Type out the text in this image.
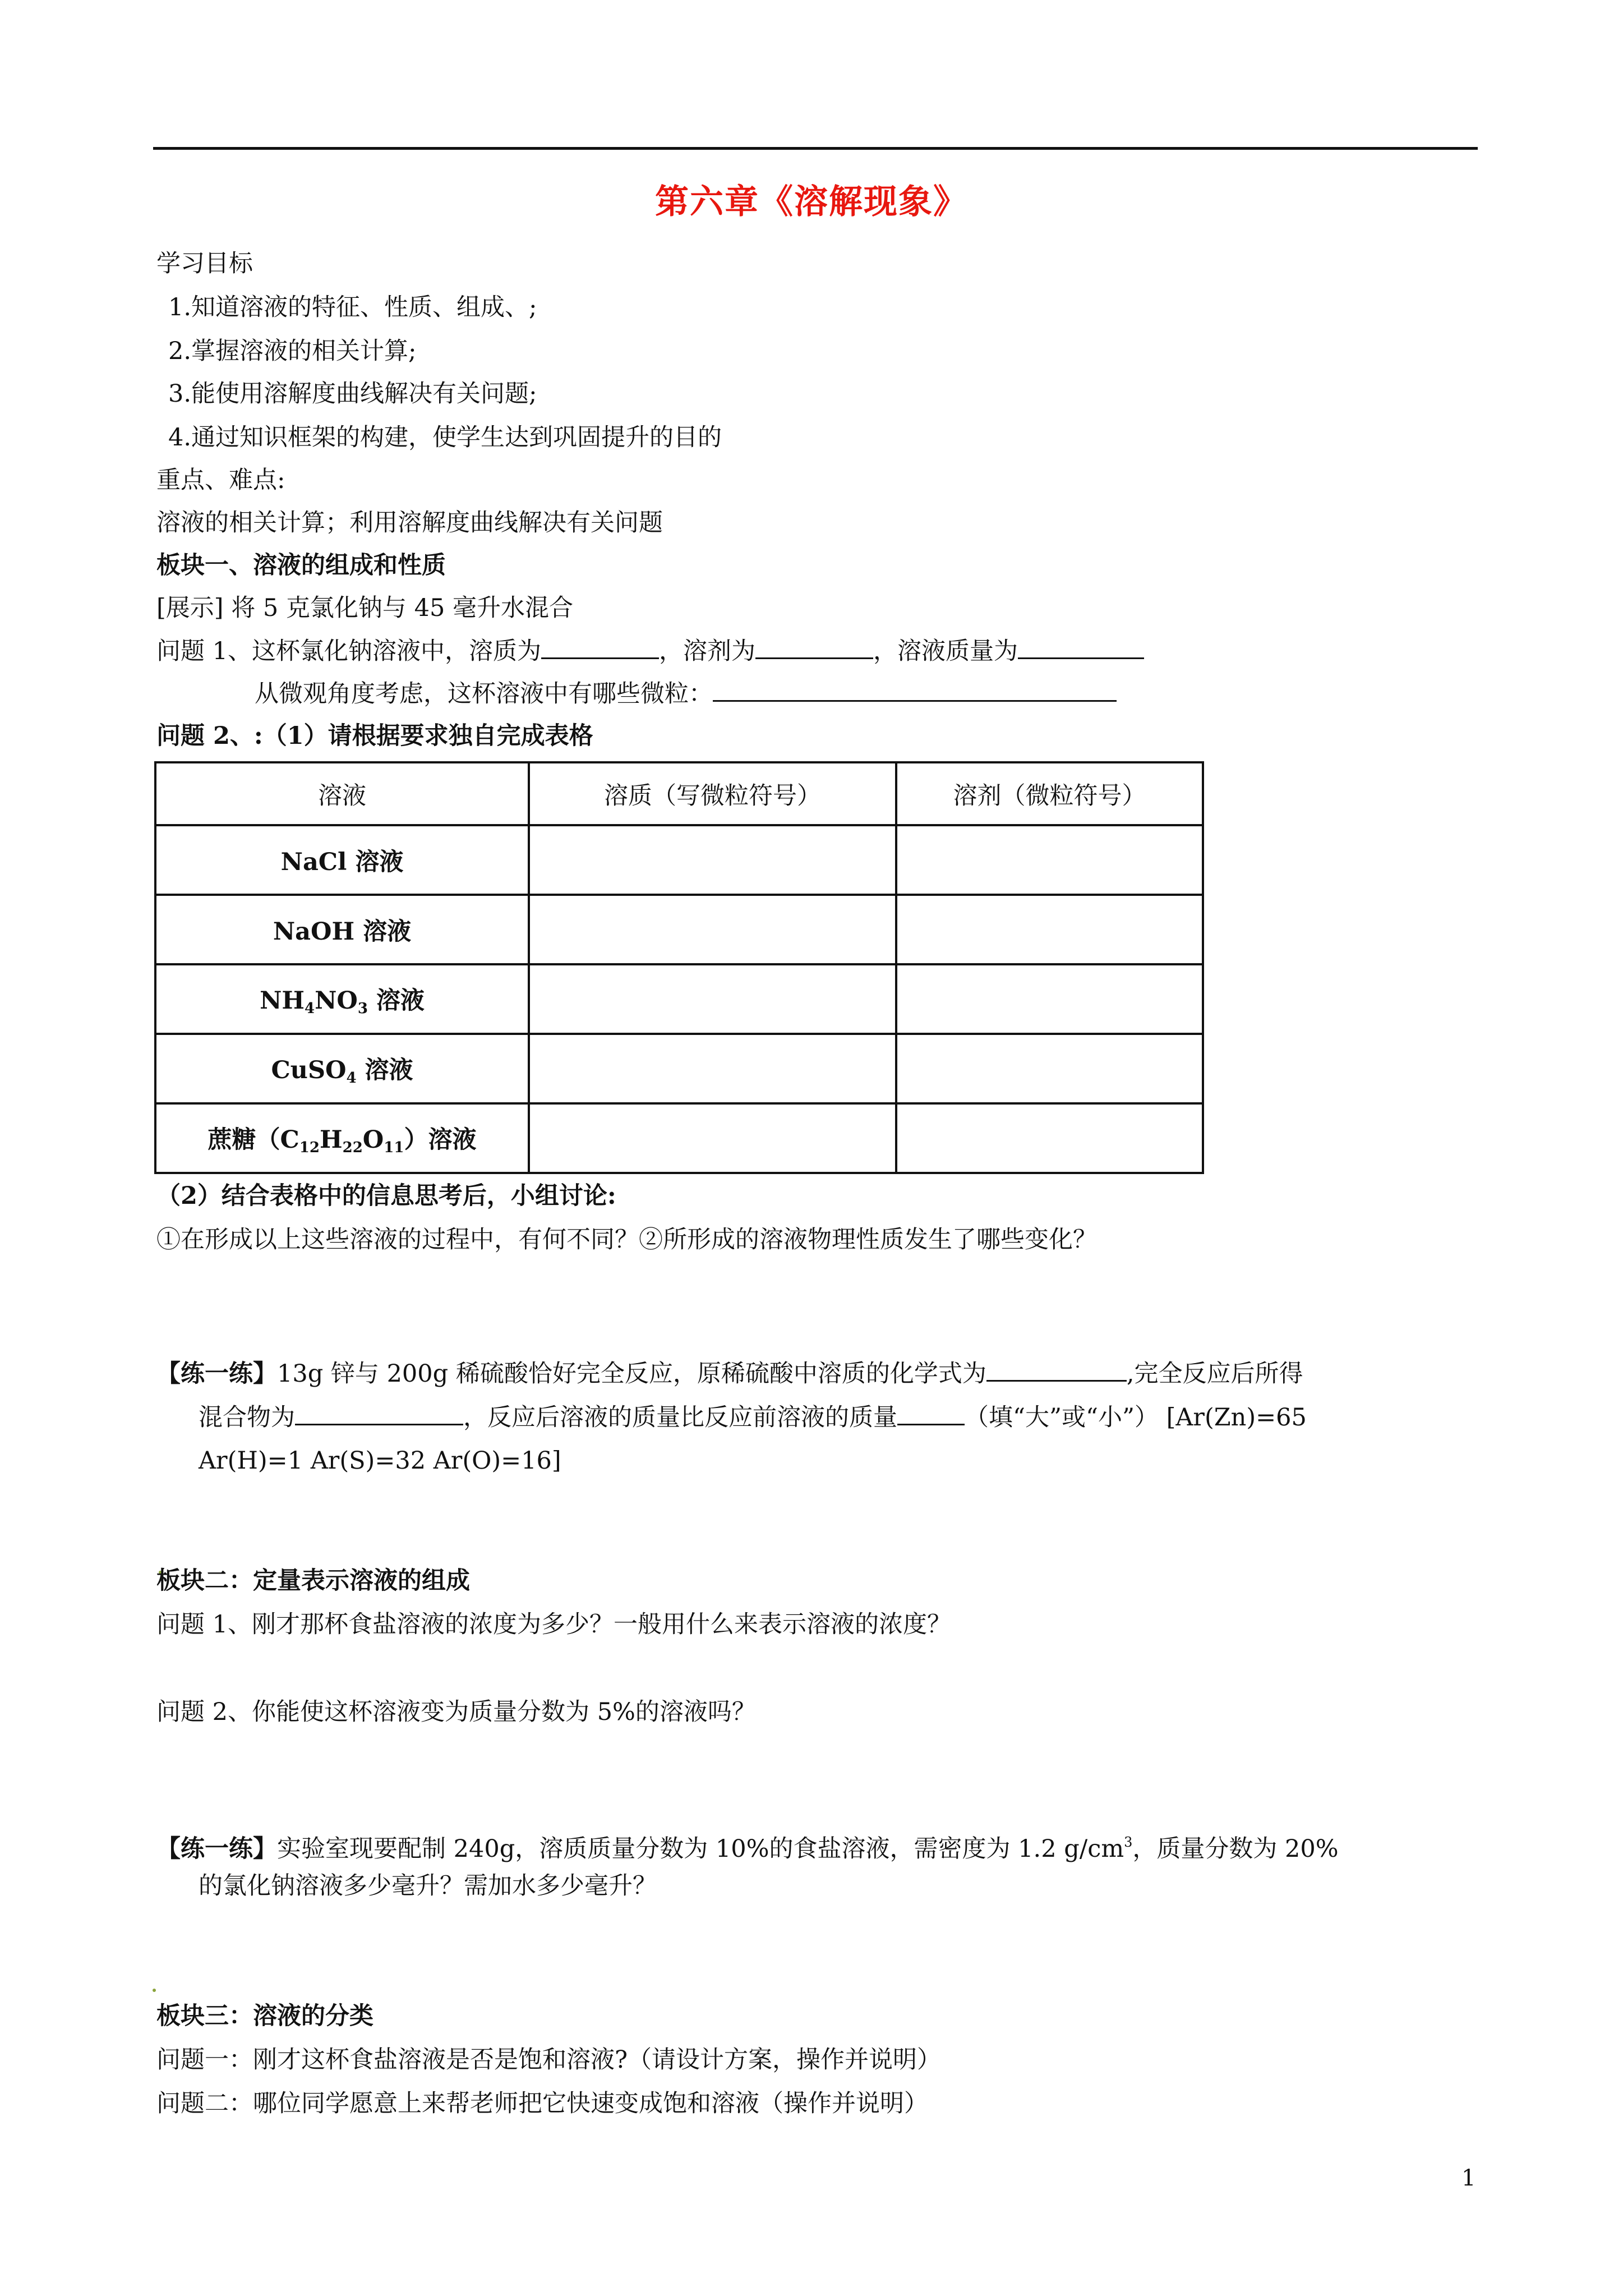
第六章《溶解现象》
学习目标
1.知道溶液的特征、性质、组成、;
2.掌握溶液的相关计算;
3.能使用溶解度曲线解决有关问题;
4.通过知识框架的构建，使学生达到巩固提升的目的
重点、难点:
溶液的相关计算；利用溶解度曲线解决有关问题
板块一、溶液的组成和性质
[展示] 将 5 克氯化钠与 45 毫升水混合
问题 1、这杯氯化钠溶液中，溶质为	，溶剂为	，溶液质量为
从微观角度考虑，这杯溶液中有哪些微粒：
问题 2、:（1）请根据要求独自完成表格
溶液	溶质（写微粒符号）	溶剂（微粒符号）
NaCl 溶液		
NaOH 溶液		
$NH_4NO_3$ 溶液		
CuSO$_4$ 溶液		
蔗糖$(C_{12}H_{22}O_{11})$溶液		
（2）结合表格中的信息思考后，小组讨论:
①在形成以上这些溶液的过程中，有何不同？②所形成的溶液物理性质发生了哪些变化？
【练一练】13g 锌与 200g 稀硫酸恰好完全反应，原稀硫酸中溶质的化学式为	,完全反应后所得
混合物为	，反应后溶液的质量比反应前溶液的质量	（填“大”或“小”） [Ar(Zn)=65
Ar(H)=1 Ar(S)=32 Ar(O)=16]
板块二：定量表示溶液的组成
问题 1、刚才那杯食盐溶液的浓度为多少？一般用什么来表示溶液的浓度？
问题 2、你能使这杯溶液变为质量分数为 5%的溶液吗？
【练一练】实验室现要配制 240g，溶质质量分数为 10%的食盐溶液，需密度为 1.2 $g/cm^3$，质量分数为 20%
的氯化钠溶液多少毫升？需加水多少毫升？
板块三：溶液的分类
问题一：刚才这杯食盐溶液是否是饱和溶液?（请设计方案，操作并说明）
问题二：哪位同学愿意上来帮老师把它快速变成饱和溶液（操作并说明）
1
